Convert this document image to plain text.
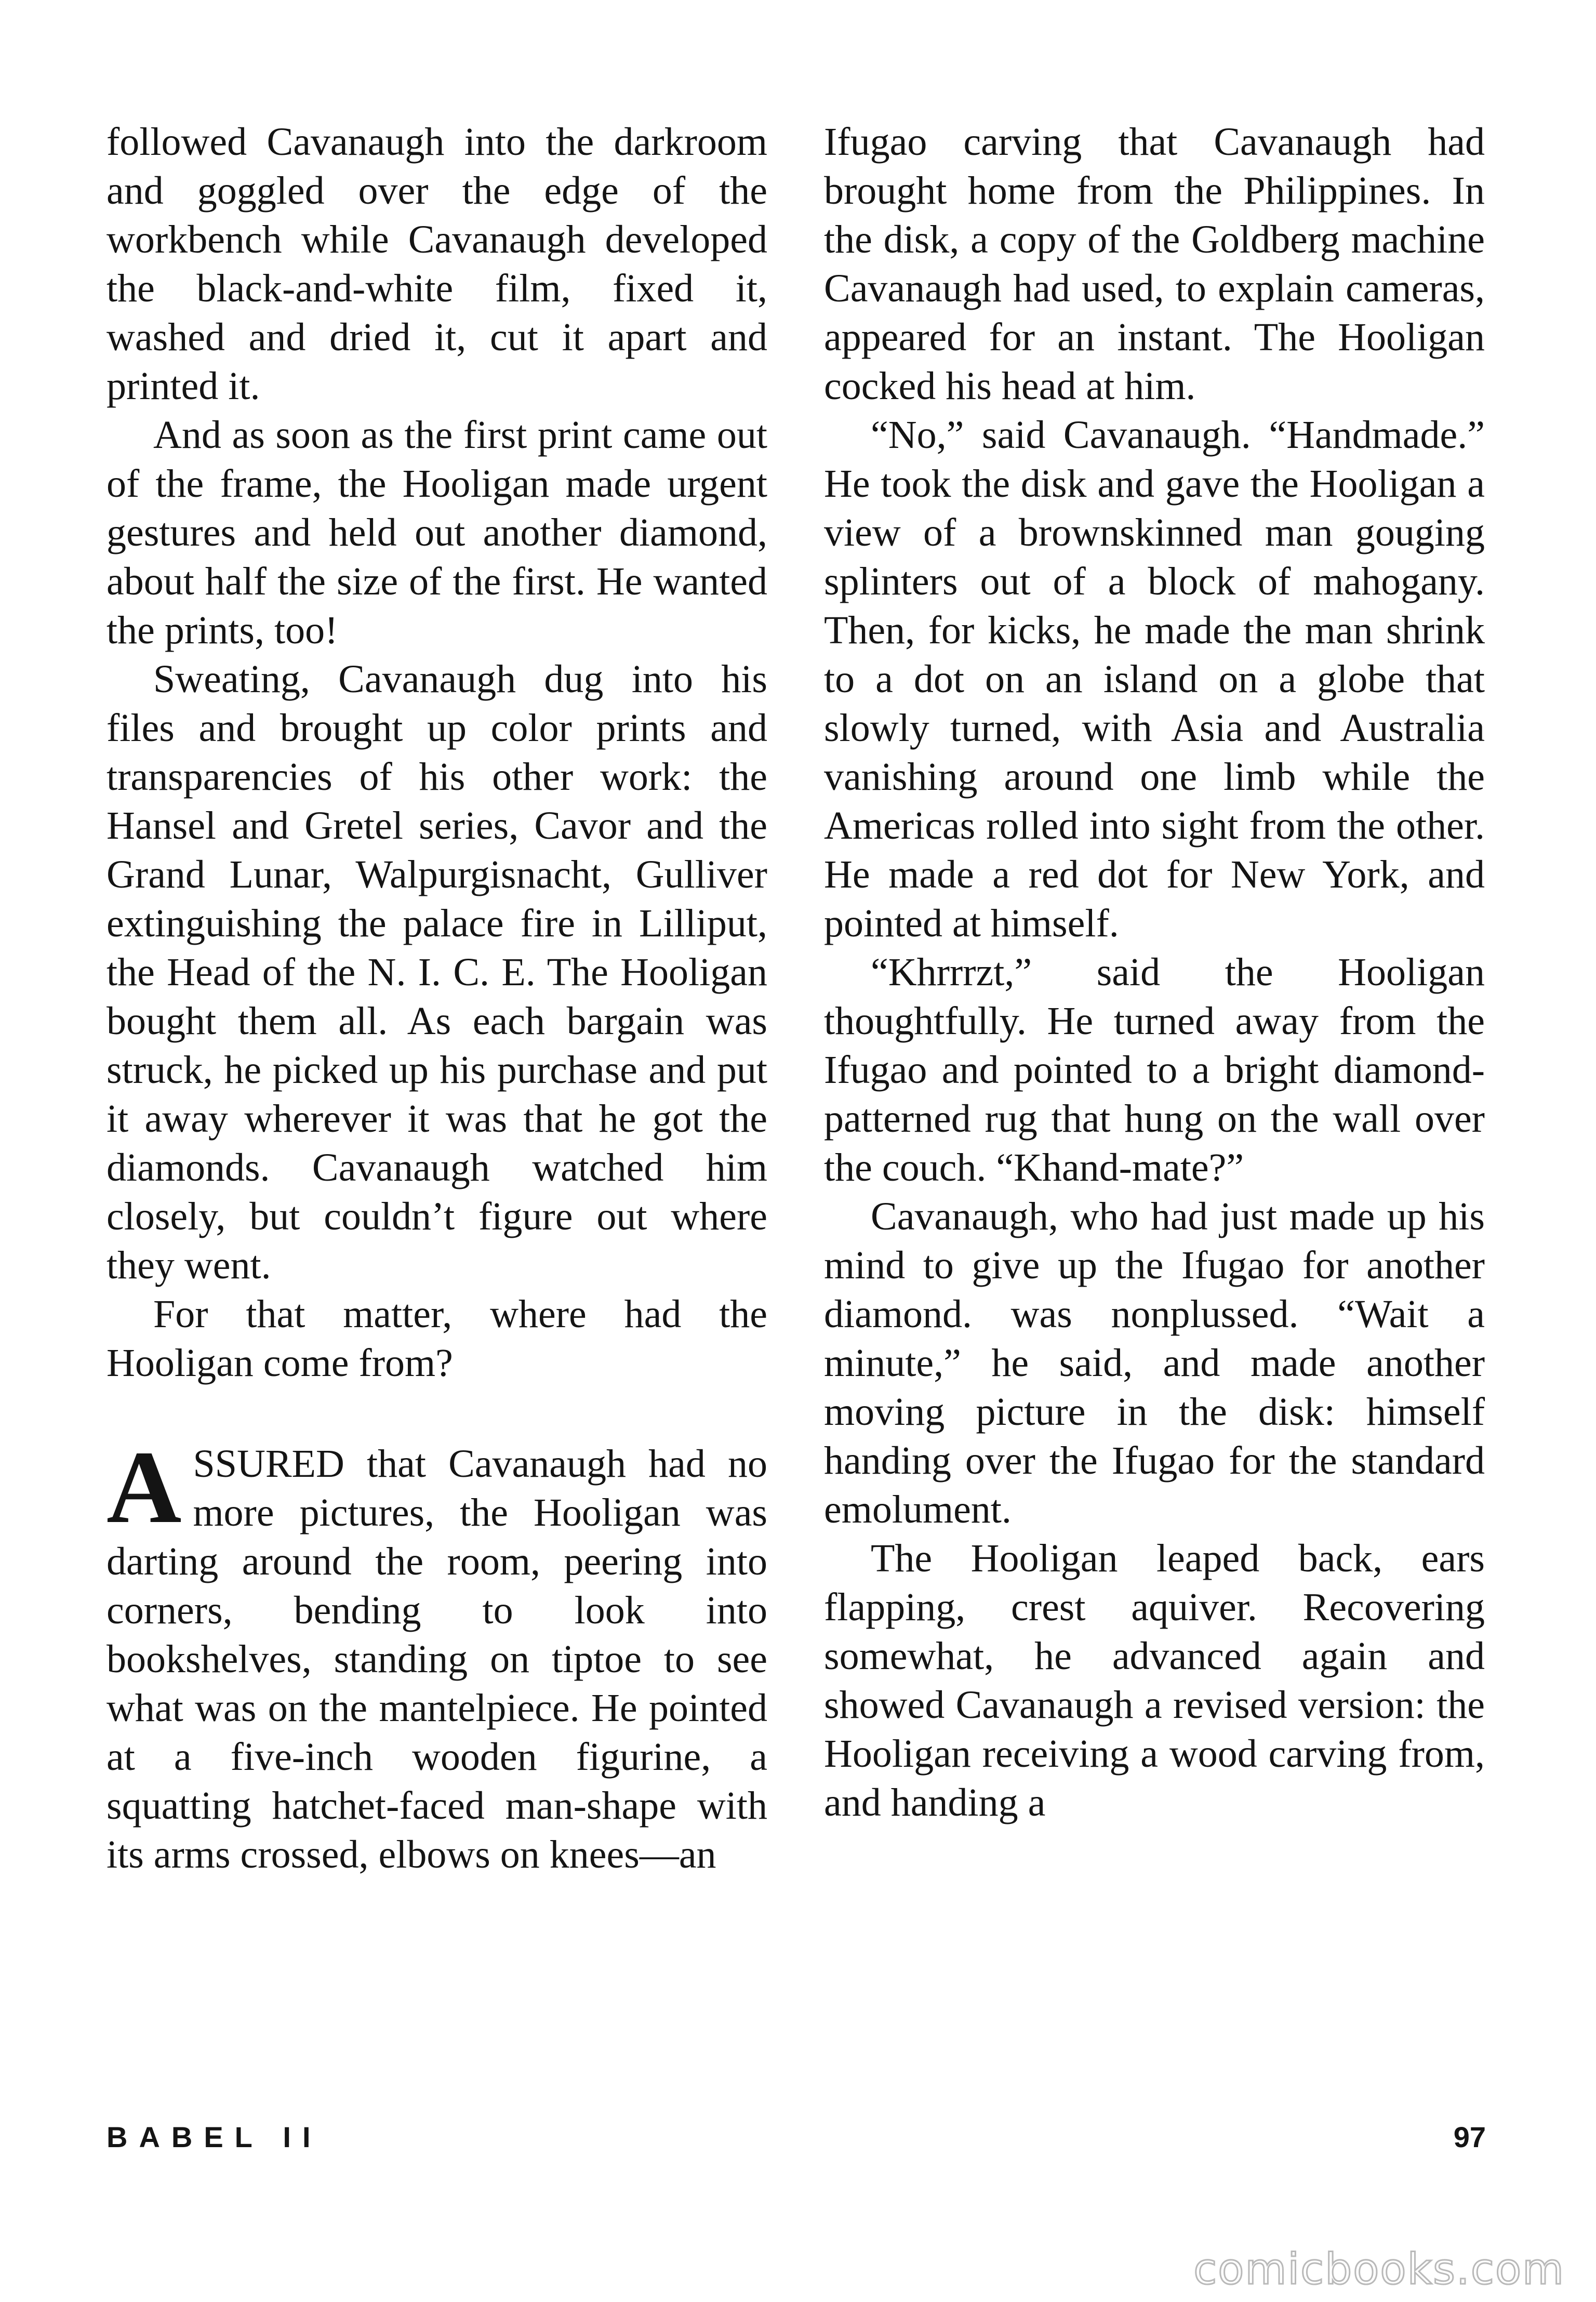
followed Cavanaugh into the darkroom and goggled over the edge of the workbench while Cavanaugh developed the black-and-white film, fixed it, washed and dried it, cut it apart and printed it.

And as soon as the first print came out of the frame, the Hooligan made urgent gestures and held out another diamond, about half the size of the first. He wanted the prints, too!

Sweating, Cavanaugh dug into his files and brought up color prints and transparencies of his other work: the Hansel and Gretel series, Cavor and the Grand Lunar, Walpurgisnacht, Gulliver extinguishing the palace fire in Lilliput, the Head of the N. I. C. E. The Hooligan bought them all. As each bargain was struck, he picked up his purchase and put it away wherever it was that he got the diamonds. Cavanaugh watched him closely, but couldn’t figure out where they went.

For that matter, where had the Hooligan come from?

ASSURED that Cavanaugh had no more pictures, the Hooligan was darting around the room, peering into corners, bending to look into bookshelves, standing on tiptoe to see what was on the mantelpiece. He pointed at a five-inch wooden figurine, a squatting hatchet-faced man-shape with its arms crossed, elbows on knees—an

Ifugao carving that Cavanaugh had brought home from the Philippines. In the disk, a copy of the Goldberg machine Cavanaugh had used, to explain cameras, appeared for an instant. The Hooligan cocked his head at him.

“No,” said Cavanaugh. “Handmade.” He took the disk and gave the Hooligan a view of a brownskinned man gouging splinters out of a block of mahogany. Then, for kicks, he made the man shrink to a dot on an island on a globe that slowly turned, with Asia and Australia vanishing around one limb while the Americas rolled into sight from the other. He made a red dot for New York, and pointed at himself.

“Khrrrzt,” said the Hooligan thoughtfully. He turned away from the Ifugao and pointed to a bright diamond-patterned rug that hung on the wall over the couch. “Khand-mate?”

Cavanaugh, who had just made up his mind to give up the Ifugao for another diamond. was nonplussed. “Wait a minute,” he said, and made another moving picture in the disk: himself handing over the Ifugao for the standard emolument.

The Hooligan leaped back, ears flapping, crest aquiver. Recovering somewhat, he advanced again and showed Cavanaugh a revised version: the Hooligan receiving a wood carving from, and handing a

BABEL II	97
comicbooks.com
